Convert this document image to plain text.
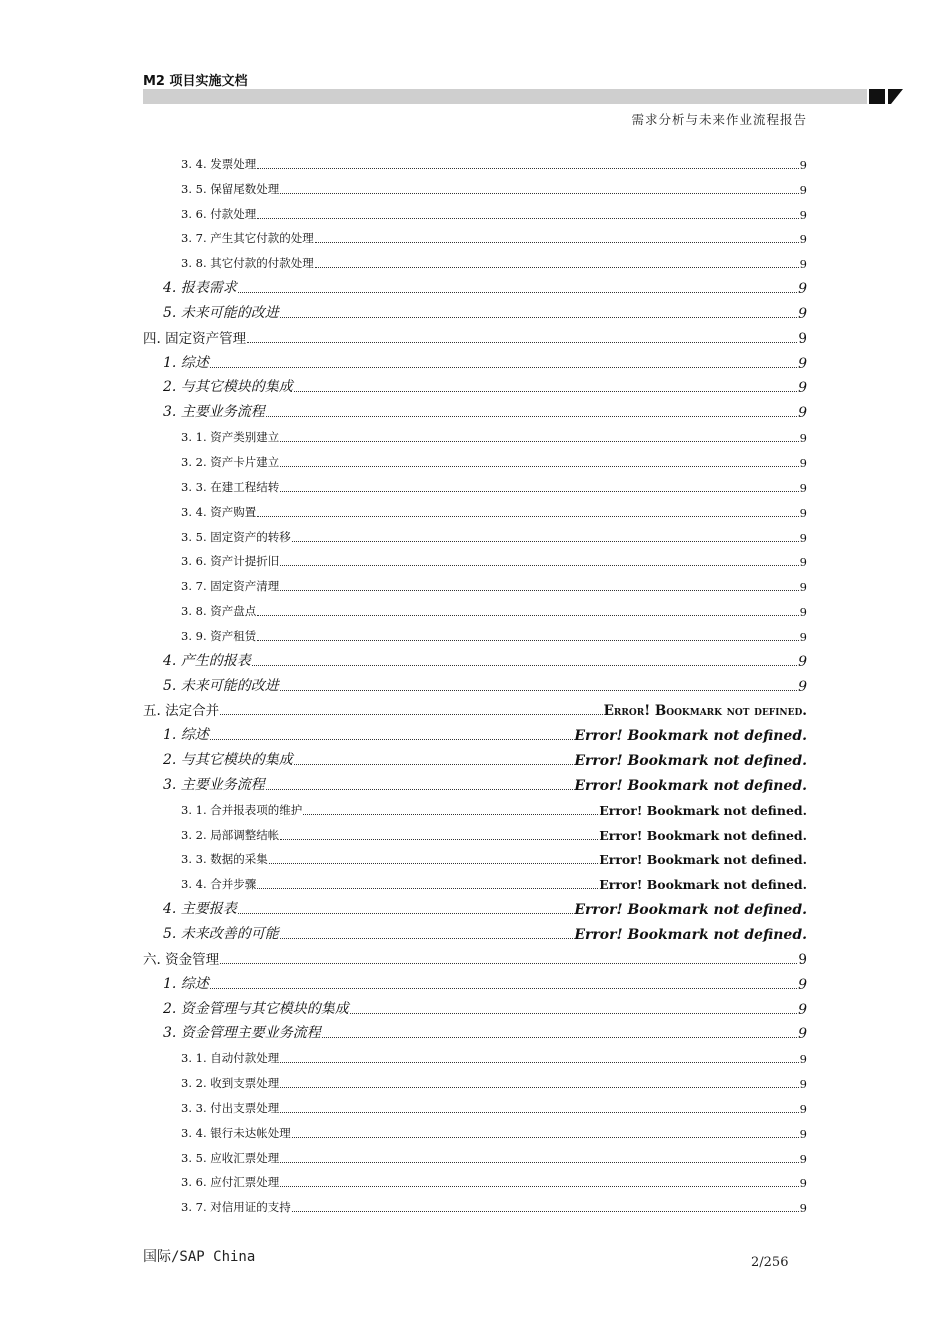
M2 项目实施文档
需求分析与未来作业流程报告
3. 4. 发票处理	9
3. 5. 保留尾数处理	9
3. 6. 付款处理	9
3. 7. 产生其它付款的处理	9
3. 8. 其它付款的付款处理	9
4. 报表需求	9
5. 未来可能的改进	9
四. 固定资产管理	9
1. 综述	9
2. 与其它模块的集成	9
3. 主要业务流程	9
3. 1. 资产类别建立	9
3. 2. 资产卡片建立	9
3. 3. 在建工程结转	9
3. 4. 资产购置	9
3. 5. 固定资产的转移	9
3. 6. 资产计提折旧	9
3. 7. 固定资产清理	9
3. 8. 资产盘点	9
3. 9. 资产租赁	9
4. 产生的报表	9
5. 未来可能的改进	9
五. 法定合并	Error! Bookmark not defined.
1. 综述	Error! Bookmark not defined.
2. 与其它模块的集成	Error! Bookmark not defined.
3. 主要业务流程	Error! Bookmark not defined.
3. 1. 合并报表项的维护	Error! Bookmark not defined.
3. 2. 局部调整结帐	Error! Bookmark not defined.
3. 3. 数据的采集	Error! Bookmark not defined.
3. 4. 合并步骤	Error! Bookmark not defined.
4. 主要报表	Error! Bookmark not defined.
5. 未来改善的可能	Error! Bookmark not defined.
六. 资金管理	9
1. 综述	9
2. 资金管理与其它模块的集成	9
3. 资金管理主要业务流程	9
3. 1. 自动付款处理	9
3. 2. 收到支票处理	9
3. 3. 付出支票处理	9
3. 4. 银行未达帐处理	9
3. 5. 应收汇票处理	9
3. 6. 应付汇票处理	9
3. 7. 对信用证的支持	9
国际/SAP China	2/256
